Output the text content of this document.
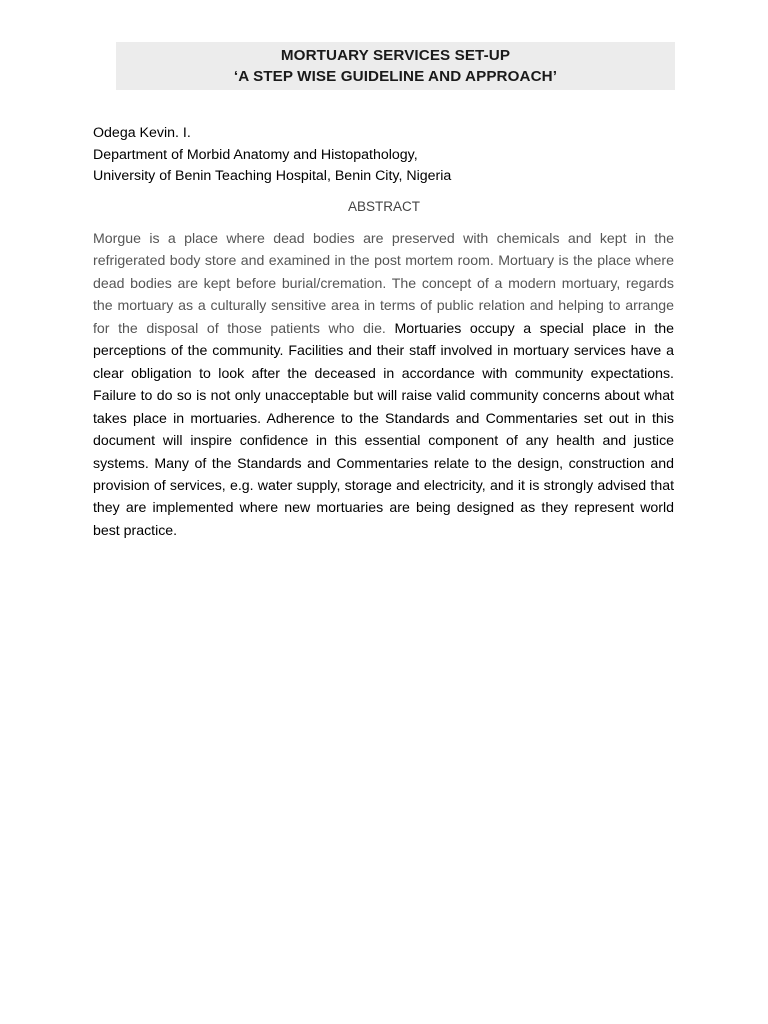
MORTUARY SERVICES SET-UP
‘A STEP WISE GUIDELINE AND APPROACH’
Odega Kevin. I.
Department of Morbid Anatomy and Histopathology,
University of Benin Teaching Hospital, Benin City, Nigeria
ABSTRACT

Morgue is a place where dead bodies are preserved with chemicals and kept in the refrigerated body store and examined in the post mortem room. Mortuary is the place where dead bodies are kept before burial/cremation. The concept of a modern mortuary, regards the mortuary as a culturally sensitive area in terms of public relation and helping to arrange for the disposal of those patients who die. Mortuaries occupy a special place in the perceptions of the community. Facilities and their staff involved in mortuary services have a clear obligation to look after the deceased in accordance with community expectations. Failure to do so is not only unacceptable but will raise valid community concerns about what takes place in mortuaries. Adherence to the Standards and Commentaries set out in this document will inspire confidence in this essential component of any health and justice systems. Many of the Standards and Commentaries relate to the design, construction and provision of services, e.g. water supply, storage and electricity, and it is strongly advised that they are implemented where new mortuaries are being designed as they represent world best practice.
